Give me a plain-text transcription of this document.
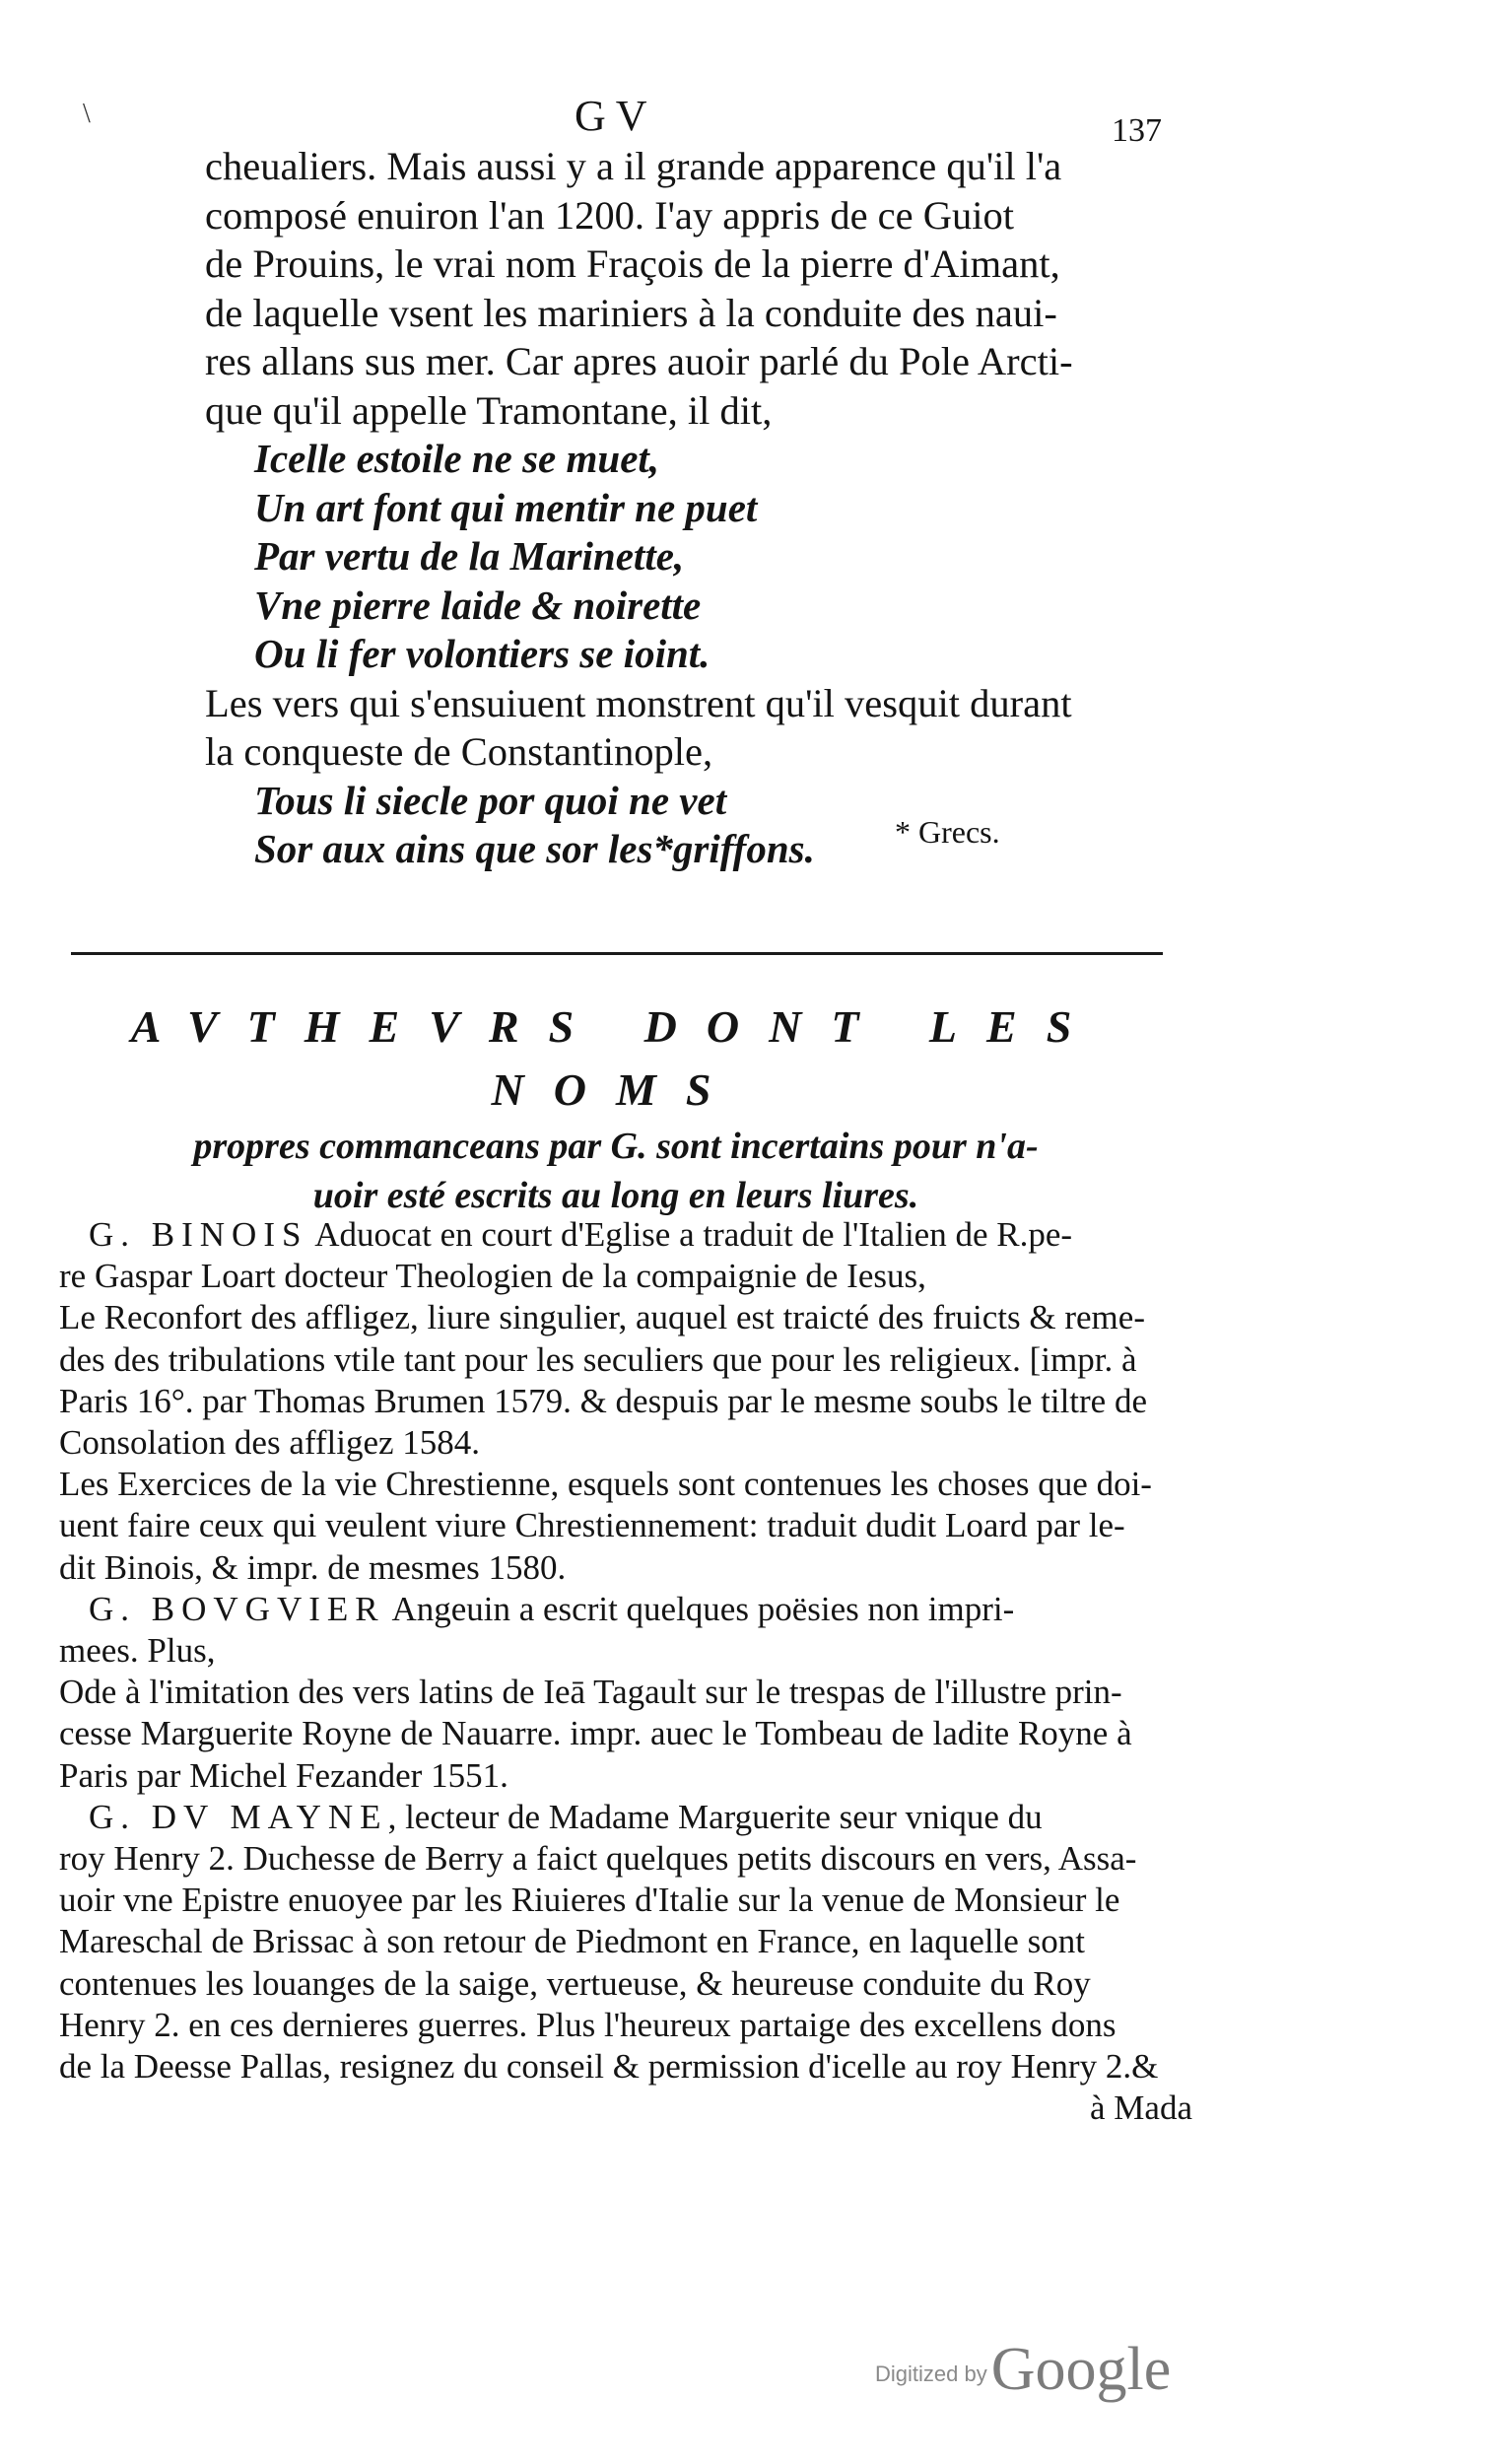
\	GV	137
cheualiers. Mais aussi y a il grande apparence qu'il l'a
composé enuiron l'an 1200. I'ay appris de ce Guiot
de Prouins, le vrai nom Fraçois de la pierre d'Aimant,
de laquelle vsent les mariniers à la conduite des naui-
res allans sus mer. Car apres auoir parlé du Pole Arcti-
que qu'il appelle Tramontane, il dit,
Icelle estoile ne se muet,
Un art font qui mentir ne puet
Par vertu de la Marinette,
Vne pierre laide & noirette
Ou li fer volontiers se ioint.
Les vers qui s'ensuiuent monstrent qu'il vesquit durant
la conqueste de Constantinople,
Tous li siecle por quoi ne vet
Sor aux ains que sor les*griffons.	* Grecs.
AVTHEVRS DONT LES NOMS
propres commanceans par G. sont incertains pour n'a-
uoir esté escrits au long en leurs liures.
G. BINOIS Aduocat en court d'Eglise a traduit de l'Italien de R.pe-
re Gaspar Loart docteur Theologien de la compaignie de Iesus,
Le Reconfort des affligez, liure singulier, auquel est traicté des fruicts & reme-
des des tribulations vtile tant pour les seculiers que pour les religieux. [impr. à
Paris 16°. par Thomas Brumen 1579. & despuis par le mesme soubs le tiltre de
Consolation des affligez 1584.
Les Exercices de la vie Chrestienne, esquels sont contenues les choses que doi-
uent faire ceux qui veulent viure Chrestiennement: traduit dudit Loard par le-
dit Binois, & impr. de mesmes 1580.
G. BOVGVIER Angeuin a escrit quelques poësies non impri-
mees. Plus,
Ode à l'imitation des vers latins de Ieā Tagault sur le trespas de l'illustre prin-
cesse Marguerite Royne de Nauarre. impr. auec le Tombeau de ladite Royne à
Paris par Michel Fezander 1551.
G. DV MAYNE, lecteur de Madame Marguerite seur vnique du
roy Henry 2. Duchesse de Berry a faict quelques petits discours en vers, Assa-
uoir vne Epistre enuoyee par les Riuieres d'Italie sur la venue de Monsieur le
Mareschal de Brissac à son retour de Piedmont en France, en laquelle sont
contenues les louanges de la saige, vertueuse, & heureuse conduite du Roy
Henry 2. en ces dernieres guerres. Plus l'heureux partaige des excellens dons
de la Deesse Pallas, resignez du conseil & permission d'icelle au roy Henry 2.&
à Mada
Digitized by Google
